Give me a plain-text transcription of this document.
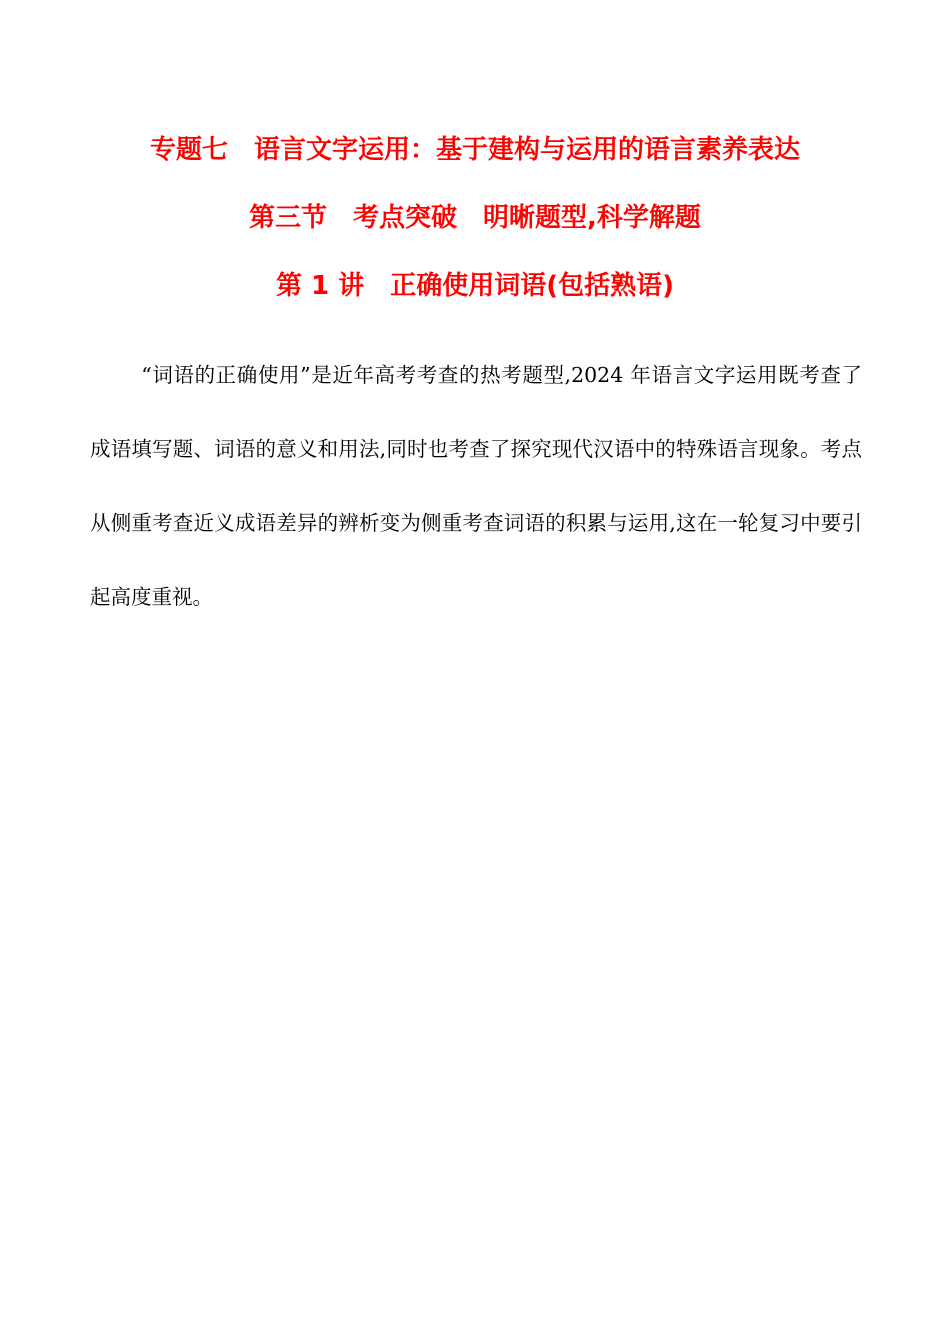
专题七　语言文字运用：基于建构与运用的语言素养表达
第三节　考点突破　明晰题型,科学解题
第 1 讲　正确使用词语(包括熟语)

“词语的正确使用”是近年高考考查的热考题型,2024 年语言文字运用既考查了成语填写题、词语的意义和用法,同时也考查了探究现代汉语中的特殊语言现象。考点从侧重考查近义成语差异的辨析变为侧重考查词语的积累与运用,这在一轮复习中要引起高度重视。
